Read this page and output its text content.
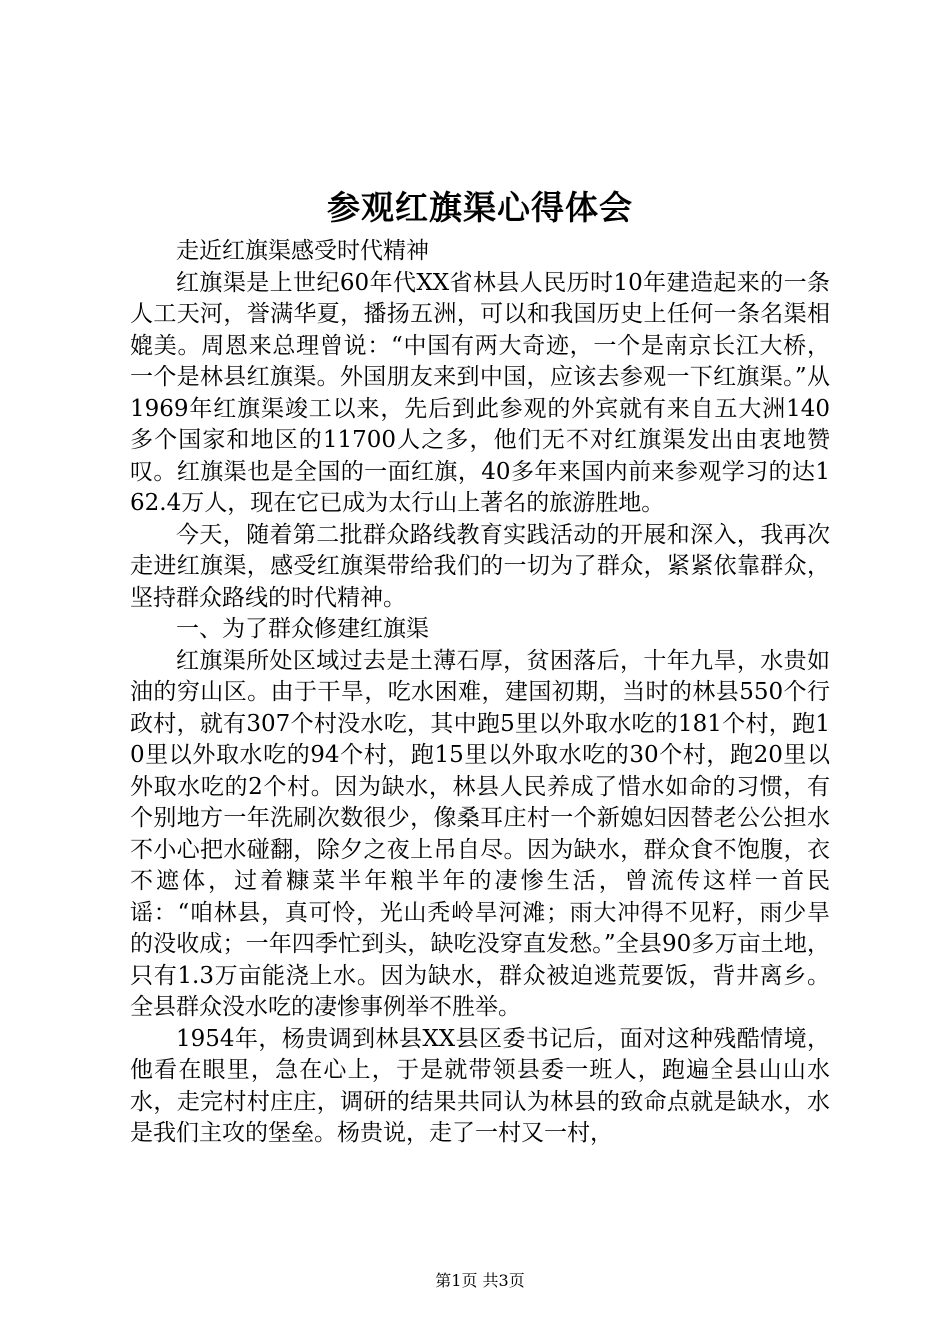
参观红旗渠心得体会

走近红旗渠感受时代精神

红旗渠是上世纪60年代XX省林县人民历时10年建造起来的一条人工天河，誉满华夏，播扬五洲，可以和我国历史上任何一条名渠相媲美。周恩来总理曾说：“中国有两大奇迹，一个是南京长江大桥，一个是林县红旗渠。外国朋友来到中国，应该去参观一下红旗渠。”从1969年红旗渠竣工以来，先后到此参观的外宾就有来自五大洲140多个国家和地区的11700人之多，他们无不对红旗渠发出由衷地赞叹。红旗渠也是全国的一面红旗，40多年来国内前来参观学习的达162.4万人，现在它已成为太行山上著名的旅游胜地。

今天，随着第二批群众路线教育实践活动的开展和深入，我再次走进红旗渠，感受红旗渠带给我们的一切为了群众，紧紧依靠群众，坚持群众路线的时代精神。

一、为了群众修建红旗渠

红旗渠所处区域过去是土薄石厚，贫困落后，十年九旱，水贵如油的穷山区。由于干旱，吃水困难，建国初期，当时的林县550个行政村，就有307个村没水吃，其中跑5里以外取水吃的181个村，跑10里以外取水吃的94个村，跑15里以外取水吃的30个村，跑20里以外取水吃的2个村。因为缺水，林县人民养成了惜水如命的习惯，有个别地方一年洗刷次数很少，像桑耳庄村一个新媳妇因替老公公担水不小心把水碰翻，除夕之夜上吊自尽。因为缺水，群众食不饱腹，衣不遮体，过着糠菜半年粮半年的凄惨生活，曾流传这样一首民谣：“咱林县，真可怜，光山秃岭旱河滩；雨大冲得不见籽，雨少旱的没收成；一年四季忙到头，缺吃没穿直发愁。”全县90多万亩土地，只有1.3万亩能浇上水。因为缺水，群众被迫逃荒要饭，背井离乡。全县群众没水吃的凄惨事例举不胜举。

1954年，杨贵调到林县XX县区委书记后，面对这种残酷情境，他看在眼里，急在心上，于是就带领县委一班人，跑遍全县山山水水，走完村村庄庄，调研的结果共同认为林县的致命点就是缺水，水是我们主攻的堡垒。杨贵说，走了一村又一村，

第1页 共3页
